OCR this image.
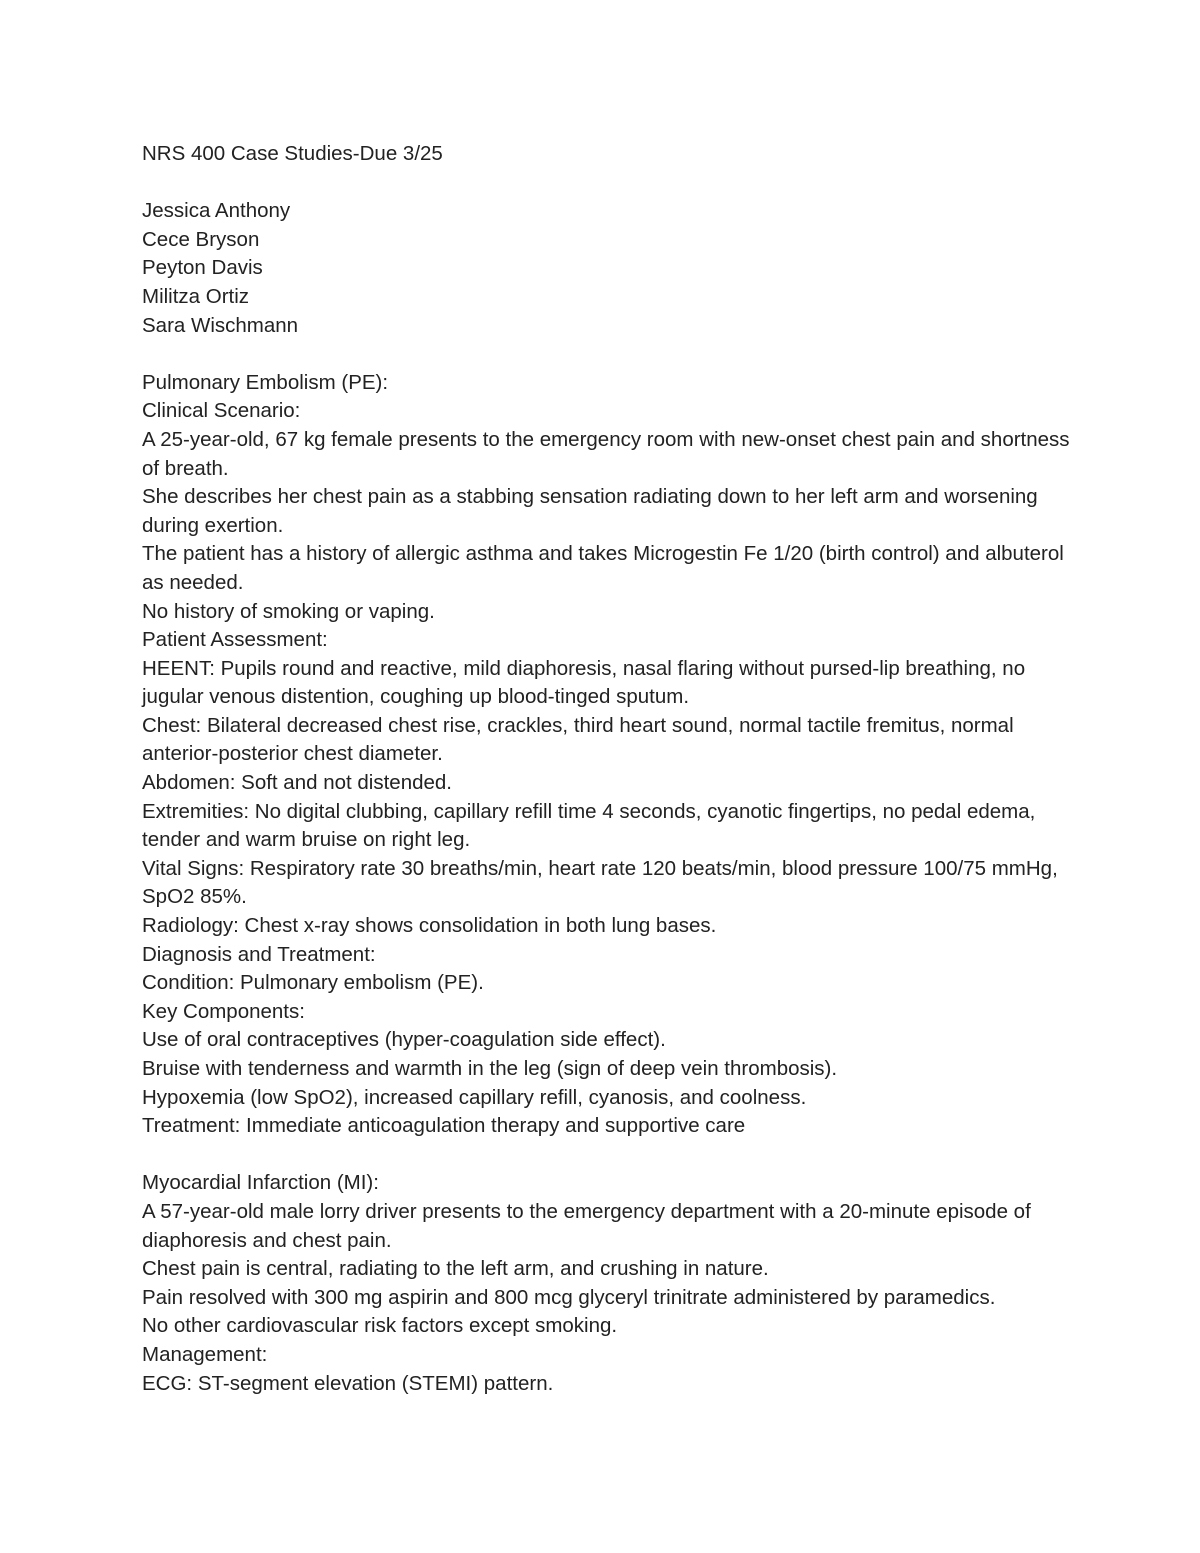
NRS 400 Case Studies-Due 3/25

Jessica Anthony

Cece Bryson

Peyton Davis

Militza Ortiz

Sara Wischmann

Pulmonary Embolism (PE):

Clinical Scenario:

A 25-year-old, 67 kg female presents to the emergency room with new-onset chest pain and shortness of breath.

She describes her chest pain as a stabbing sensation radiating down to her left arm and worsening during exertion.

The patient has a history of allergic asthma and takes Microgestin Fe 1/20 (birth control) and albuterol as needed.

No history of smoking or vaping.

Patient Assessment:

HEENT: Pupils round and reactive, mild diaphoresis, nasal flaring without pursed-lip breathing, no jugular venous distention, coughing up blood-tinged sputum.

Chest: Bilateral decreased chest rise, crackles, third heart sound, normal tactile fremitus, normal anterior-posterior chest diameter.

Abdomen: Soft and not distended.

Extremities: No digital clubbing, capillary refill time 4 seconds, cyanotic fingertips, no pedal edema, tender and warm bruise on right leg.

Vital Signs: Respiratory rate 30 breaths/min, heart rate 120 beats/min, blood pressure 100/75 mmHg, SpO2 85%.

Radiology: Chest x-ray shows consolidation in both lung bases.

Diagnosis and Treatment:

Condition: Pulmonary embolism (PE).

Key Components:

Use of oral contraceptives (hyper-coagulation side effect).

Bruise with tenderness and warmth in the leg (sign of deep vein thrombosis).

Hypoxemia (low SpO2), increased capillary refill, cyanosis, and coolness.

Treatment: Immediate anticoagulation therapy and supportive care

Myocardial Infarction (MI):

A 57-year-old male lorry driver presents to the emergency department with a 20-minute episode of diaphoresis and chest pain.

Chest pain is central, radiating to the left arm, and crushing in nature.

Pain resolved with 300 mg aspirin and 800 mcg glyceryl trinitrate administered by paramedics.

No other cardiovascular risk factors except smoking.

Management:

ECG: ST-segment elevation (STEMI) pattern.
